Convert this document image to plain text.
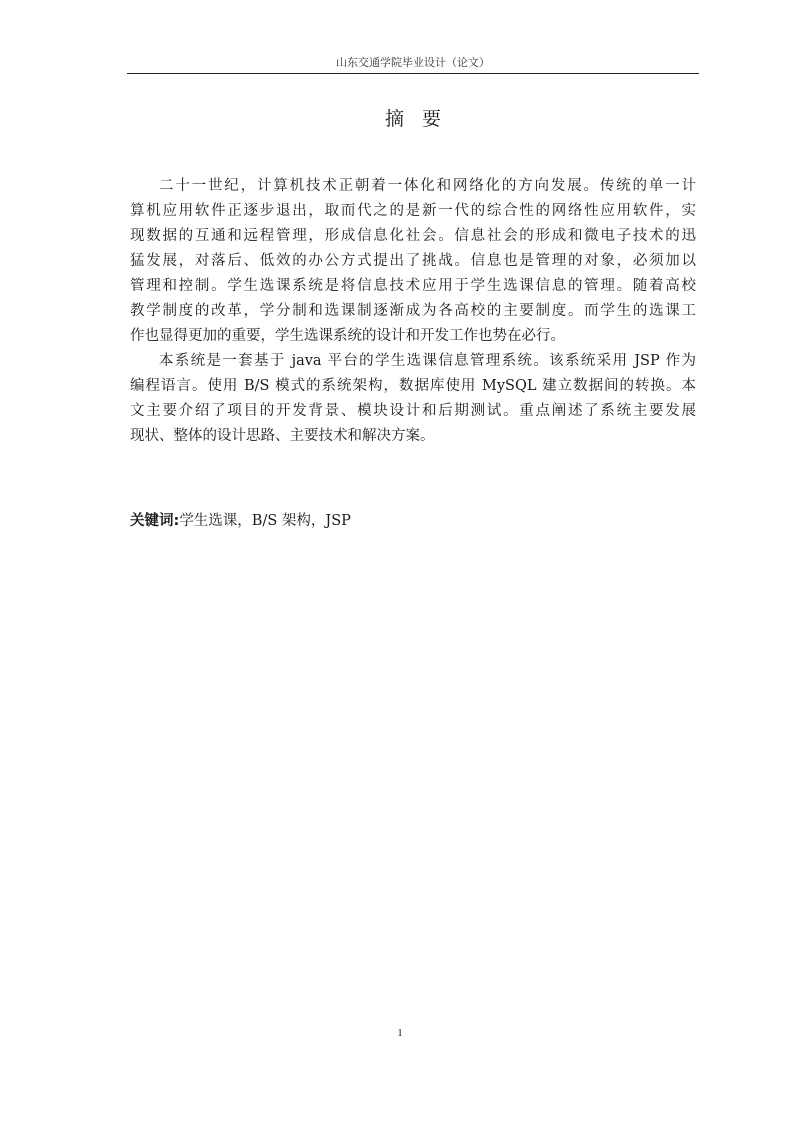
山东交通学院毕业设计（论文）
摘要
二十一世纪，计算机技术正朝着一体化和网络化的方向发展。传统的单一计
算机应用软件正逐步退出，取而代之的是新一代的综合性的网络性应用软件，实
现数据的互通和远程管理，形成信息化社会。信息社会的形成和微电子技术的迅
猛发展，对落后、低效的办公方式提出了挑战。信息也是管理的对象，必须加以
管理和控制。学生选课系统是将信息技术应用于学生选课信息的管理。随着高校
教学制度的改革，学分制和选课制逐渐成为各高校的主要制度。而学生的选课工
作也显得更加的重要，学生选课系统的设计和开发工作也势在必行。
本系统是一套基于 java 平台的学生选课信息管理系统。该系统采用 JSP 作为
编程语言。使用 B/S 模式的系统架构，数据库使用 MySQL 建立数据间的转换。本
文主要介绍了项目的开发背景、模块设计和后期测试。重点阐述了系统主要发展
现状、整体的设计思路、主要技术和解决方案。
关键词:学生选课，B/S 架构，JSP
1
